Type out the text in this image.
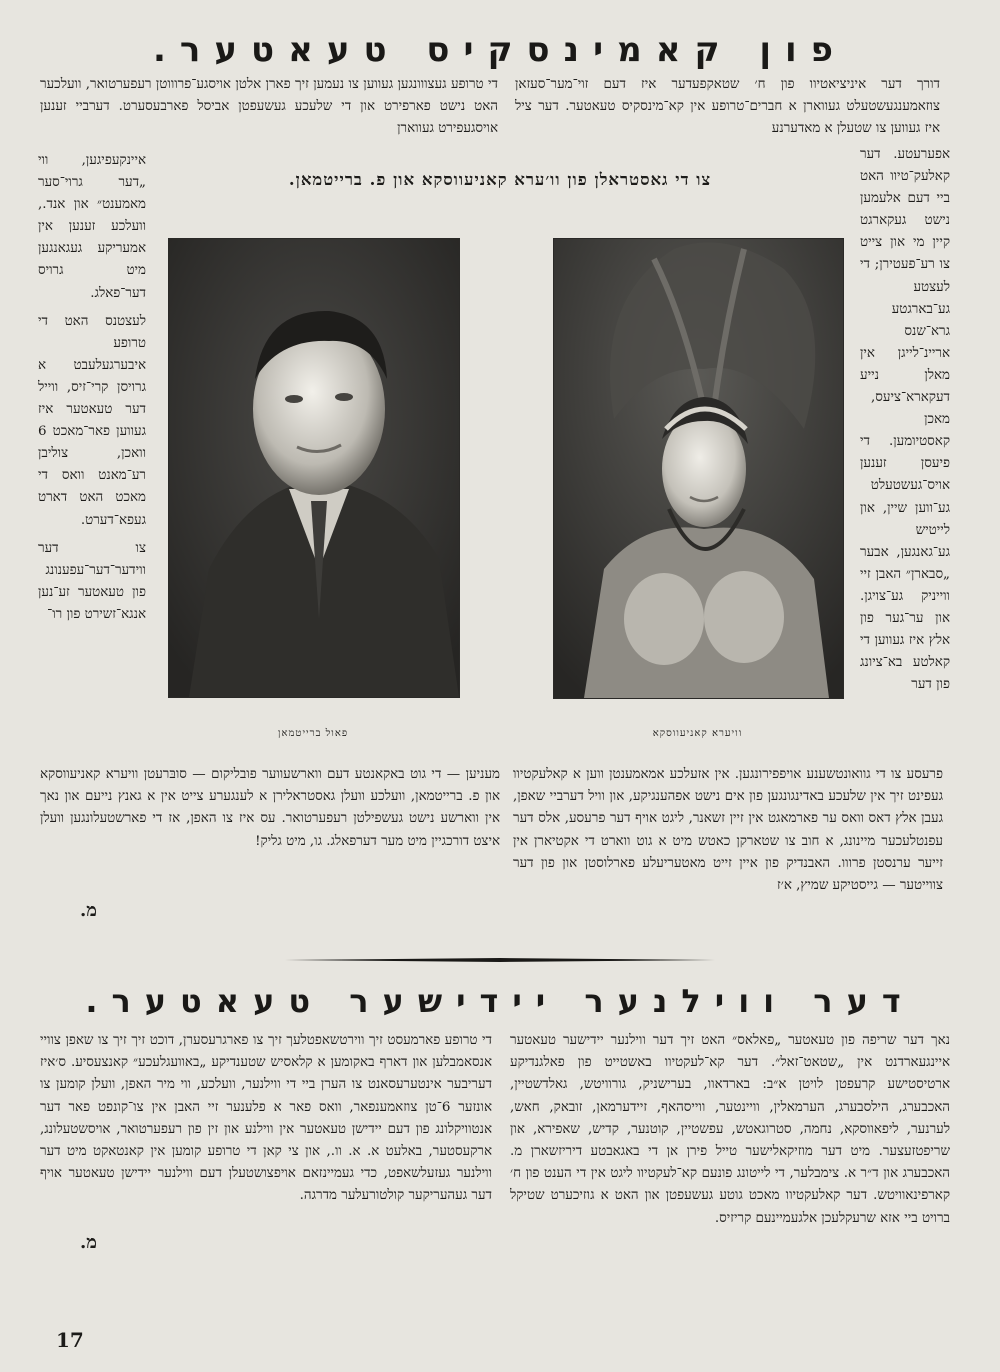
פון קאמינסקיס טעאטער.

דורך דער איניציאטיוו פון ח׳ שטאקפעדער איז דעם זוי־מער־סעזאן צוזאמענגעשטעלט געווארן א חברים־טרופע אין קא־מינסקיס טעאטער. דער ציל איז געווען צו שטעלן א מאדערנע

די טרופע געצווונגען געווען צו נעמען זיך פארן אלטן אויסגע־פרוווטן רעפערטואר, וועלכער האט נישט פארפירט און די שלעכע געשעפטן אביסל פארבעסערט. דערביי זענען אויסגעפירט געווארן

צו די גאסטראלן פון וו׳ערא קאניעווסקא און פ. ברייטמאן.

אפערעטע. דער קאלעק־טיוו האט ביי דעם אלעמען נישט געקארגט קיין מי און צייט צו רע־פעטירן; די לעצטע גע־בארגטע גרא־שנס אריינ־לייגן אין מאלן נייע דעקארא־ציעס, מאכן קאסטיומען. די פיעסן זענען אויס־געשטעלט גע־ווען שיין, און לייטיש גע־גאנגען, אבער „סבארן״ האבן זיי ווייניק גע־צויגן. און ער־גער פון אלץ איז געווען די קאלטע בא־ציונג פון דער

איינקעפיגען, ווי „דער גרוי־סער מאמענט״ און אנד., וועלכע זענען אין אמעריקע געגאנגען מיט גרויס דער־פאלג.

לעצטנס האט די טרופע איבערגעלעבט א גרויסן קרי־זיס, ווייל דער טעאטער איז געווען פאר־מאכט 6 וואכן, צוליבן רע־מאנט וואס די מאכט האט דארט געפא־דערט.

צו דער ווידער־דער־עפענונג פון טעאטער זע־נען אנגא־זשירט פון רו־

פאול ברייטמאן	וויערא קאניעווסקא

פרעסע צו די גוואונטשענע אויפפירונגען. אין אזעלכע אמאמענטן ווען א קאלעקטיוו געפינט זיך אין שלעכע באדינגונגען פון אים נישט אפהענגיקע, און וויל דערביי שאפן, געבן אלץ דאס וואס ער פארמאגט אין זיין זשאנר, ליגט אויף דער פרעסע, אלס דער עפנטלעכער מיינונג, א חוב צו שטארקן כאטש מיט א גוט ווארט די אקטיארן אין זייער ערנסטן פרווו. האבנדיק פון איין זייט מאטעריעלע פארלוסטן און פון דער צווייטער — גייסטיקע שמיץ, א׳ז

מעניען — די גוט באקאנטע דעם ווארשעווער פובליקום — סובּרעטן וויערא קאניעווסקא און פ. ברייטמאן, וועלכע וועלן גאסטראלירן א לענגערע צייט אין א גאנץ נייעם און נאך אין ווארשע נישט געשפילטן רעפערטואר. עס איז צו האפן, אז די פארשטעלונגען וועלן איצט דורכגיין מיט מער דערפאלג. גו, מיט גליק!

מ.
דער ווילנער יידישער טעאטער.

נאך דער שריפה פון טעאטער „פאלאס״ האט זיך דער ווילנער יידישער טעאטער איינגעארדנט אין „שטאט־זאל״. דער קא־לעקטיוו באשטייט פון פאלגנדיקע ארטיסטישע קרעפטן לויטן א״ב: בארדאוו, בערישניק, גורוויטש, גאלדשטיין, האכבערג, הילסבערג, הערמאלין, וויינטער, ווייסהאף, זיידערמאן, זובאק, חאש, לערנער, ליפאווסקא, נחמה, סטרוגאטש, עפשטיין, קוטנער, קדיש, שאפירא, און שריפטזעצער. מיט דער מוזיקאלישער טייל פירן אן די באגאבטע דיריזשארן מ. האכבערג און ד״ר א. צימבלער, די לייטונג פונעם קא־לעקטיוו ליגט אין די הענט פון ח׳ קארפינאוויטש. דער קאלעקטיוו מאכט גוטע געשעפטן און האט א גוזיכערט שטיקל ברויט ביי אזא שרעקלעכן אלגעמיינעם קריזיס.

די טרופע פארמעסט זיך ווירטשאפטלעך זיך צו פארגרעסערן, דוכט זיך זיך צו שאפן צוויי אנסאמבלען און דארף באקומען א קלאסיש שטענדיקע „באוועגלעכע״ קאנצעסיע. ס׳איז דעריבער אינטערעסאנט צו הערן ביי די ווילנער, וועלכע, ווי מיר האפן, וועלן קומען צו אונזער 6־טן צוזאמענפאר, וואס פאר א פלענער זיי האבן אין צו־קונפט פאר דער אנטוויקלונג פון דעם יידישן טעאטער אין ווילנע און זין פון רעפערטואר, אויסשטעלונג, ארקעסטער, באלעט א. א. וו., און צי קאן די טרופע קומען אין קאנטאקט מיט דער ווילנער געזעלשאפט, כדי געמיינזאם אויפצושטעלן דעם ווילנער יידישן טעאטער אויף דער געהעריקער קולטורעלער מדרגה.

מ.
17
